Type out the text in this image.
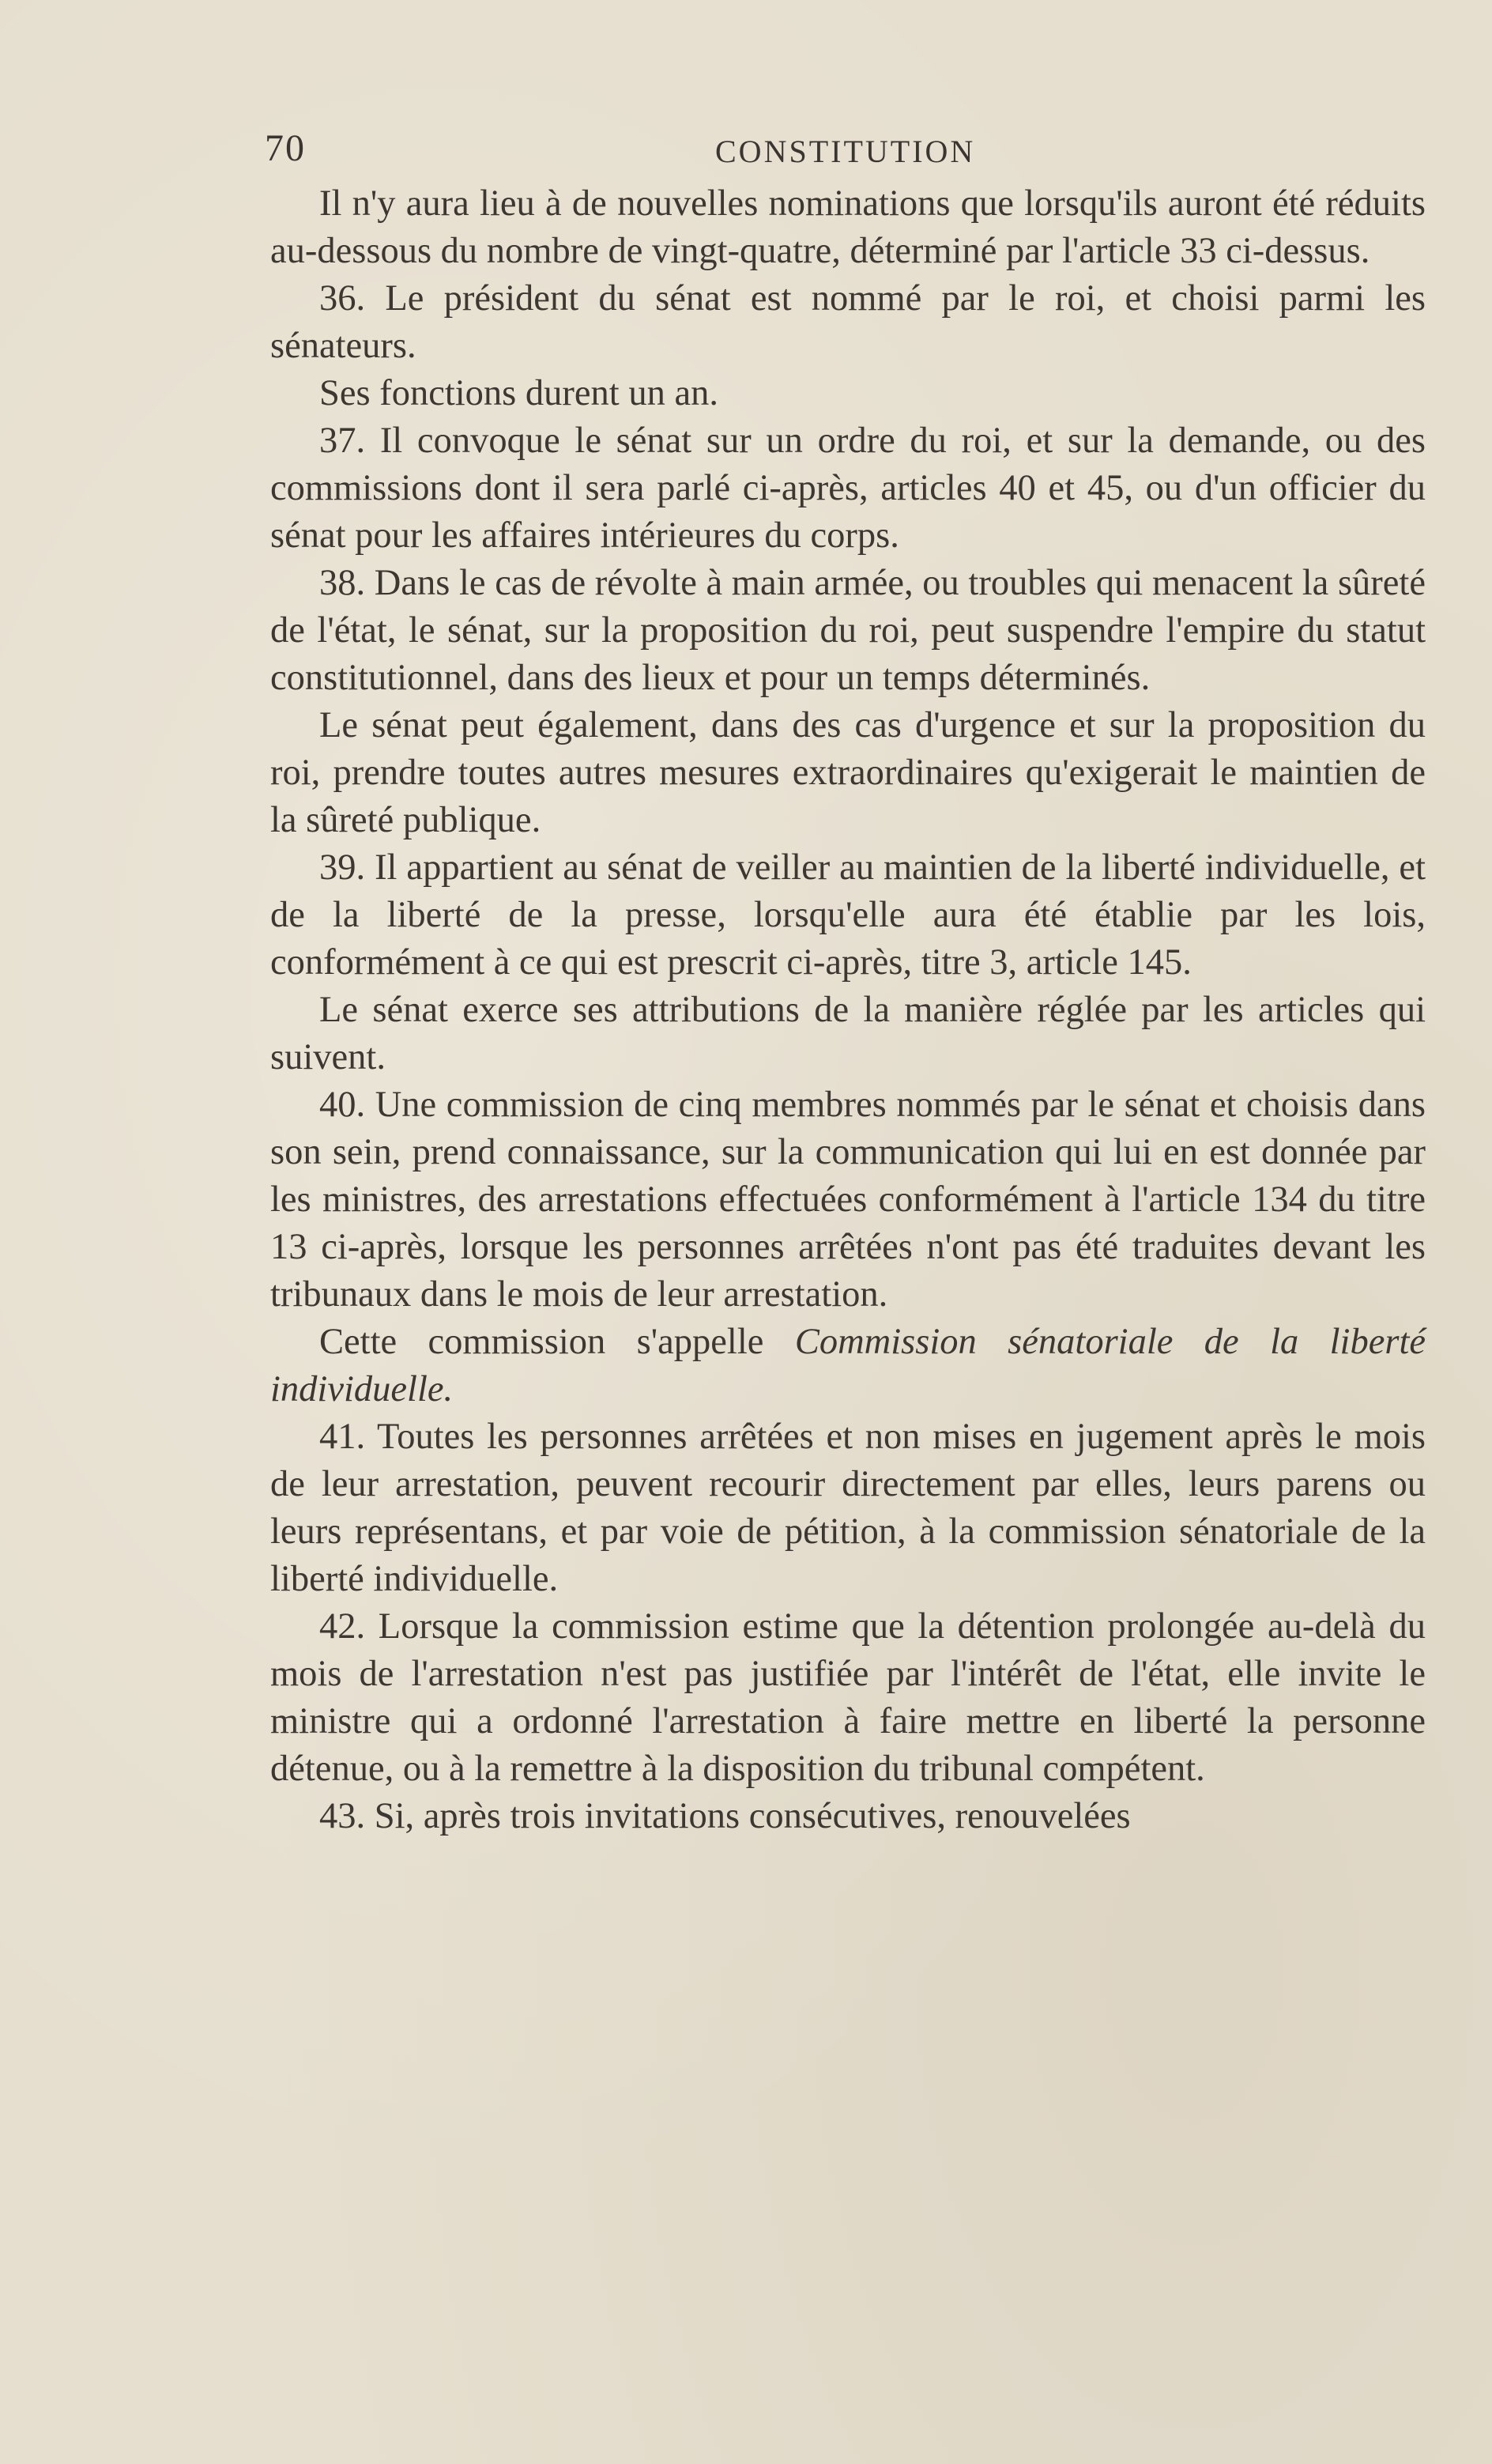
70	CONSTITUTION

Il n'y aura lieu à de nouvelles nominations que lorsqu'ils auront été réduits au-dessous du nombre de vingt-quatre, déterminé par l'article 33 ci-dessus.

36. Le président du sénat est nommé par le roi, et choisi parmi les sénateurs.

Ses fonctions durent un an.

37. Il convoque le sénat sur un ordre du roi, et sur la demande, ou des commissions dont il sera parlé ci-après, articles 40 et 45, ou d'un officier du sénat pour les affaires intérieures du corps.

38. Dans le cas de révolte à main armée, ou troubles qui menacent la sûreté de l'état, le sénat, sur la proposition du roi, peut suspendre l'empire du statut constitutionnel, dans des lieux et pour un temps déterminés.

Le sénat peut également, dans des cas d'urgence et sur la proposition du roi, prendre toutes autres mesures extraordinaires qu'exigerait le maintien de la sûreté publique.

39. Il appartient au sénat de veiller au maintien de la liberté individuelle, et de la liberté de la presse, lorsqu'elle aura été établie par les lois, conformément à ce qui est prescrit ci-après, titre 3, article 145.

Le sénat exerce ses attributions de la manière réglée par les articles qui suivent.

40. Une commission de cinq membres nommés par le sénat et choisis dans son sein, prend connaissance, sur la communication qui lui en est donnée par les ministres, des arrestations effectuées conformément à l'article 134 du titre 13 ci-après, lorsque les personnes arrêtées n'ont pas été traduites devant les tribunaux dans le mois de leur arrestation.

Cette commission s'appelle Commission sénatoriale de la liberté individuelle.

41. Toutes les personnes arrêtées et non mises en jugement après le mois de leur arrestation, peuvent recourir directement par elles, leurs parens ou leurs représentans, et par voie de pétition, à la commission sénatoriale de la liberté individuelle.

42. Lorsque la commission estime que la détention prolongée au-delà du mois de l'arrestation n'est pas justifiée par l'intérêt de l'état, elle invite le ministre qui a ordonné l'arrestation à faire mettre en liberté la personne détenue, ou à la remettre à la disposition du tribunal compétent.

43. Si, après trois invitations consécutives, renouvelées
